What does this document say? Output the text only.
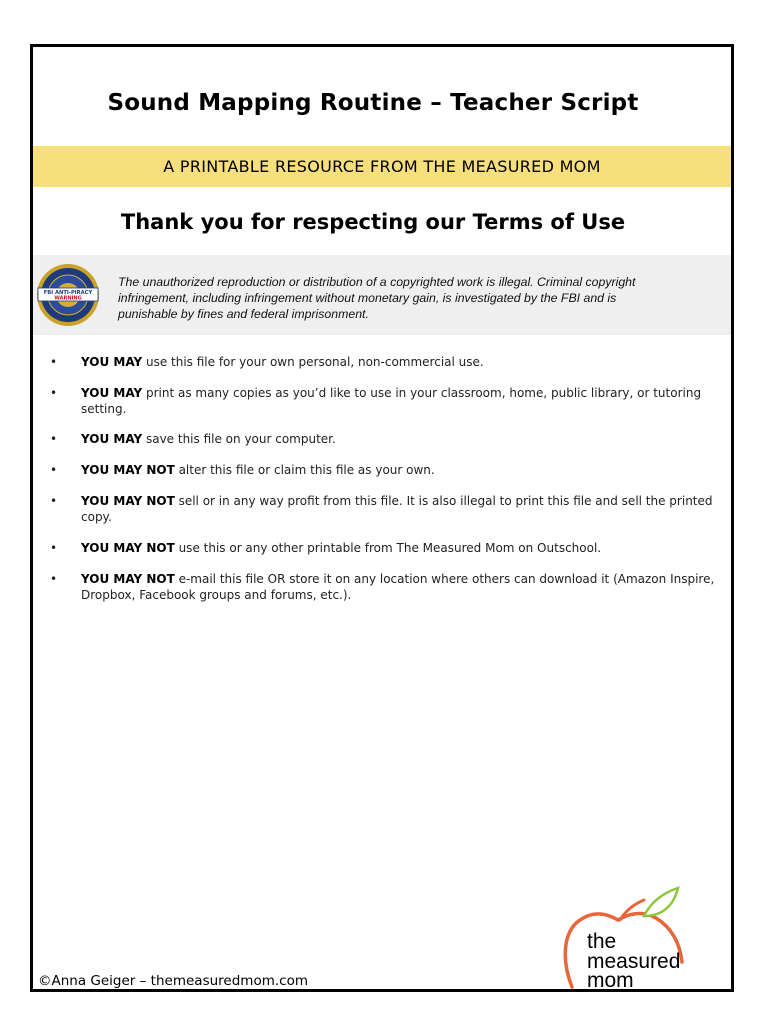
Sound Mapping Routine – Teacher Script
A PRINTABLE RESOURCE FROM THE MEASURED MOM
Thank you for respecting our Terms of Use
FBI ANTI-PIRACY
WARNING
The unauthorized reproduction or distribution of a copyrighted work is illegal. Criminal copyright infringement, including infringement without monetary gain, is investigated by the FBI and is punishable by fines and federal imprisonment.
• YOU MAY use this file for your own personal, non-commercial use.
• YOU MAY print as many copies as you’d like to use in your classroom, home, public library, or tutoring setting.
• YOU MAY save this file on your computer.
• YOU MAY NOT alter this file or claim this file as your own.
• YOU MAY NOT sell or in any way profit from this file. It is also illegal to print this file and sell the printed copy.
• YOU MAY NOT use this or any other printable from The Measured Mom on Outschool.
• YOU MAY NOT e-mail this file OR store it on any location where others can download it (Amazon Inspire, Dropbox, Facebook groups and forums, etc.).
©Anna Geiger – themeasuredmom.com
the
measured
mom
